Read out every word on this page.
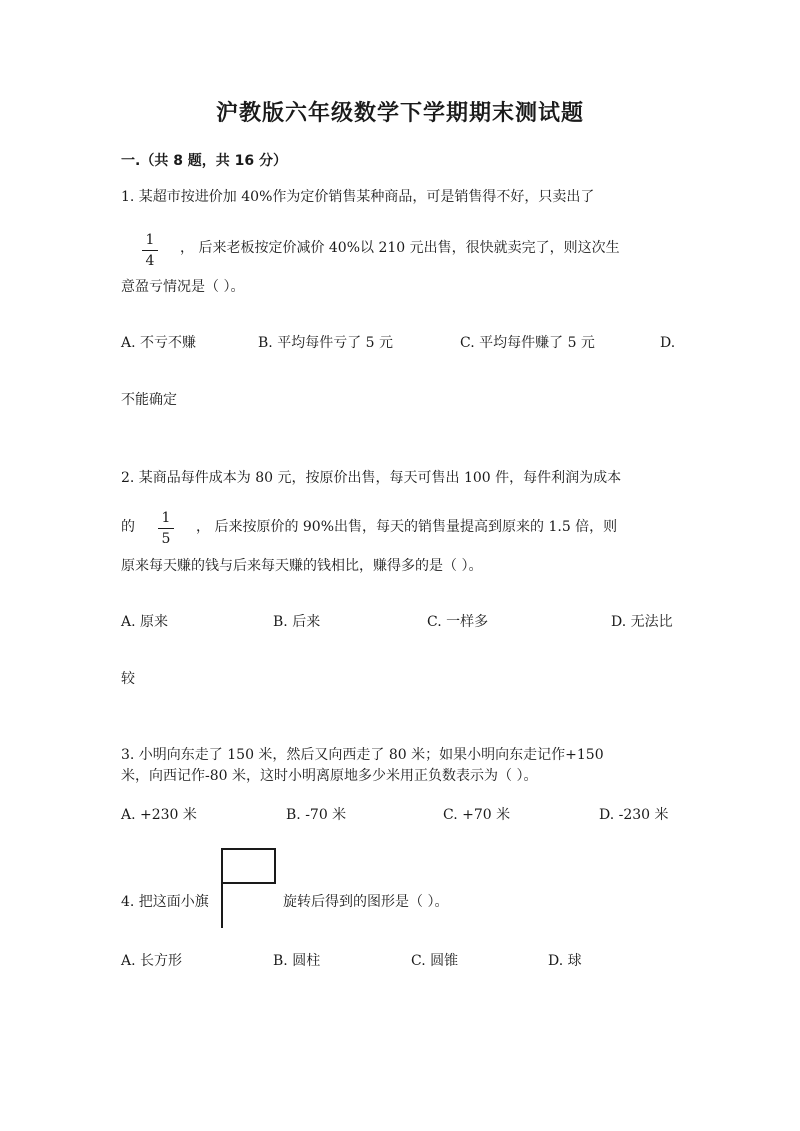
沪教版六年级数学下学期期末测试题
一.（共 8 题，共 16 分）
1. 某超市按进价加 40%作为定价销售某种商品，可是销售得不好，只卖出了
1
4
， 后来老板按定价减价 40%以 210 元出售，很快就卖完了，则这次生
意盈亏情况是（ ）。
A. 不亏不赚	B. 平均每件亏了 5 元	C. 平均每件赚了 5 元	D.
不能确定
2. 某商品每件成本为 80 元，按原价出售，每天可售出 100 件，每件利润为成本
的
1
5
， 后来按原价的 90%出售，每天的销售量提高到原来的 1.5 倍，则
原来每天赚的钱与后来每天赚的钱相比，赚得多的是（ ）。
A. 原来	B. 后来	C. 一样多	D. 无法比
较
3. 小明向东走了 150 米，然后又向西走了 80 米；如果小明向东走记作+150
米，向西记作-80 米，这时小明离原地多少米用正负数表示为（ ）。
A. +230 米	B. -70 米	C. +70 米	D. -230 米
4. 把这面小旗	旋转后得到的图形是（ ）。
A. 长方形	B. 圆柱	C. 圆锥	D. 球
